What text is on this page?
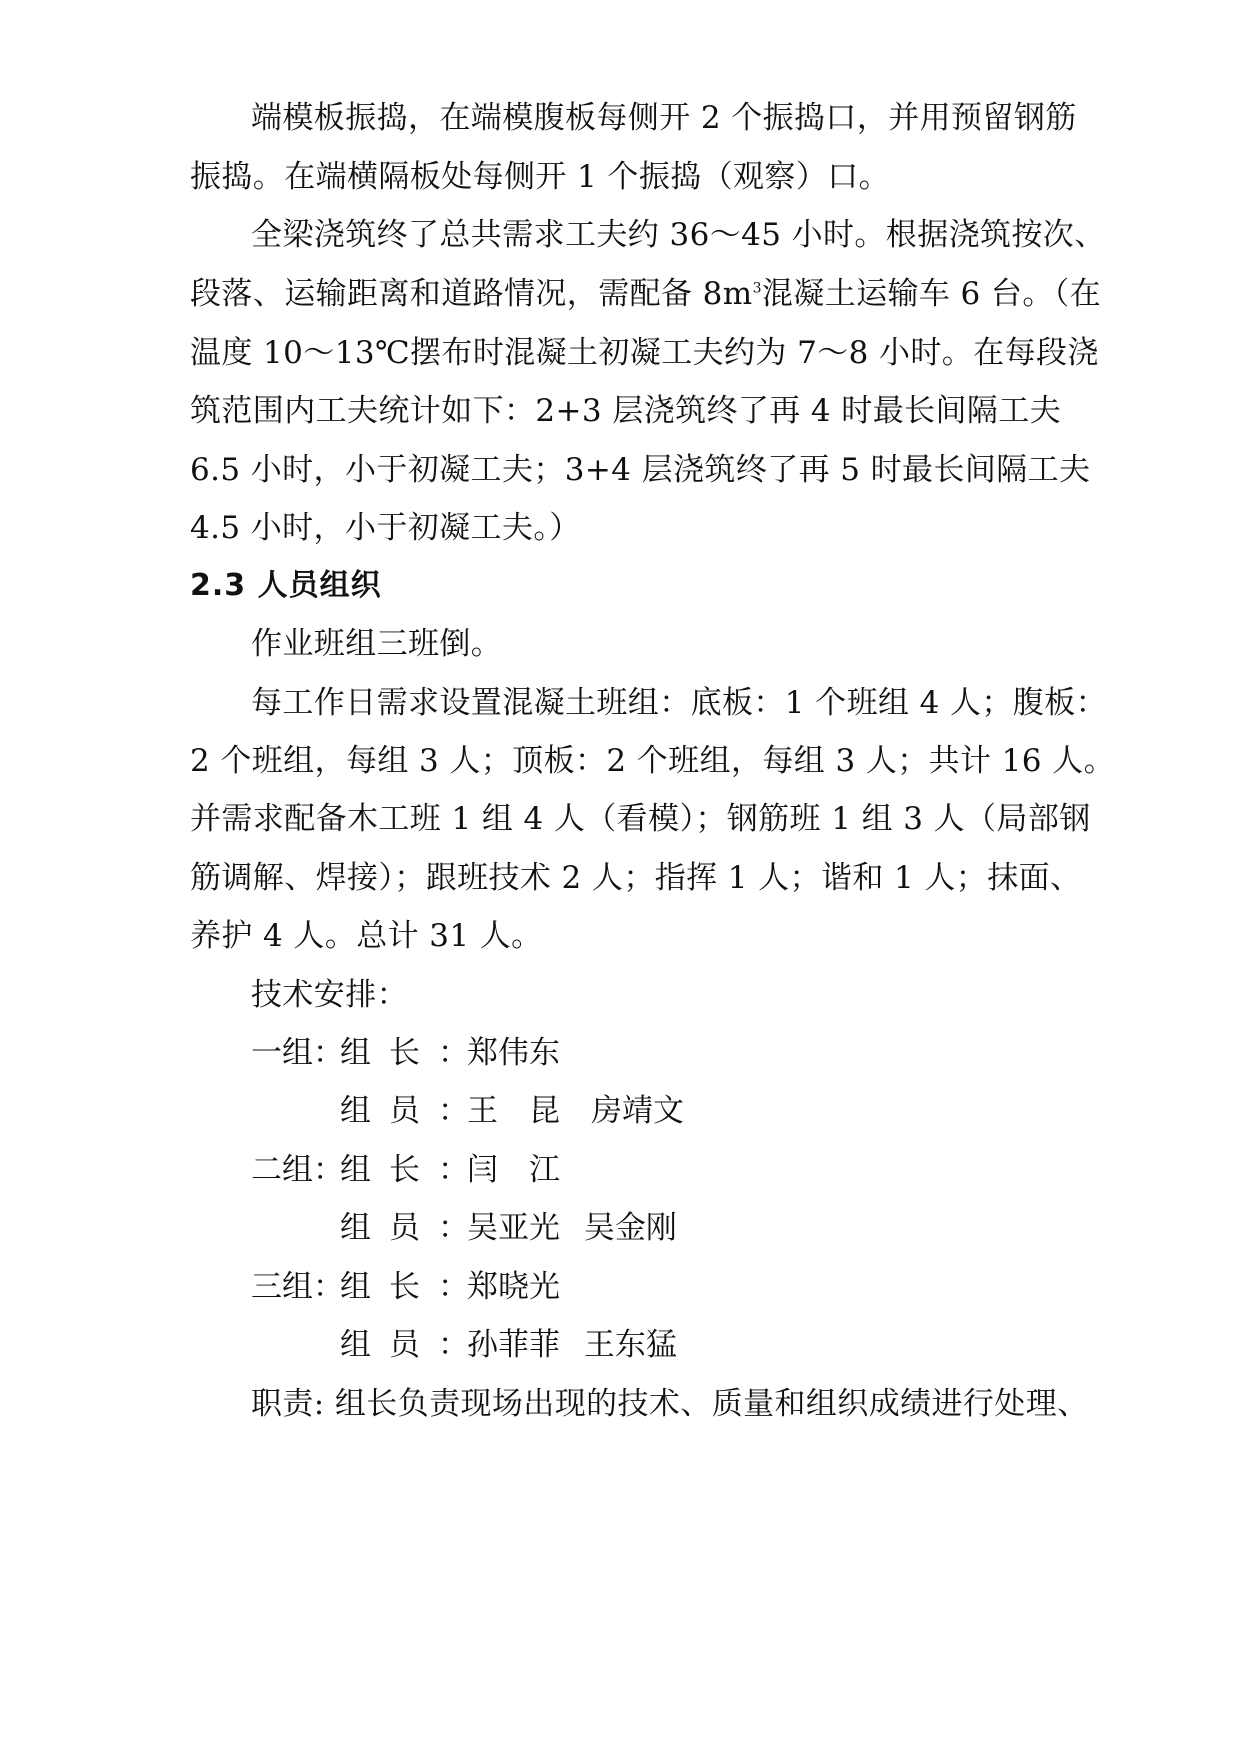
端模板振捣，在端模腹板每侧开 2 个振捣口，并用预留钢筋
振捣。在端横隔板处每侧开 1 个振捣（观察）口。
全梁浇筑终了总共需求工夫约 36～45 小时。根据浇筑按次、
段落、运输距离和道路情况，需配备 $8m^3$混凝土运输车 6 台。（在
温度 10～13℃摆布时混凝土初凝工夫约为 7～8 小时。在每段浇
筑范围内工夫统计如下：2+3 层浇筑终了再 4 时最长间隔工夫
6.5 小时，小于初凝工夫；3+4 层浇筑终了再 5 时最长间隔工夫
4.5 小时，小于初凝工夫。）
2.3 人员组织
作业班组三班倒。
每工作日需求设置混凝土班组：底板：1 个班组 4 人；腹板：
2 个班组，每组 3 人；顶板：2 个班组，每组 3 人；共计 16 人。
并需求配备木工班 1 组 4 人（看模）；钢筋班 1 组 3 人（局部钢
筋调解、焊接）；跟班技术 2 人；指挥 1 人；谐和 1 人；抹面、
养护 4 人。总计 31 人。
技术安排：
一组：
组长：
郑伟东
组员：
王　昆　房靖文
二组：
组长：
闫　江
组员：
吴亚光 吴金刚
三组：
组长：
郑晓光
组员：
孙菲菲 王东猛
职责: 组长负责现场出现的技术、质量和组织成绩进行处理、
